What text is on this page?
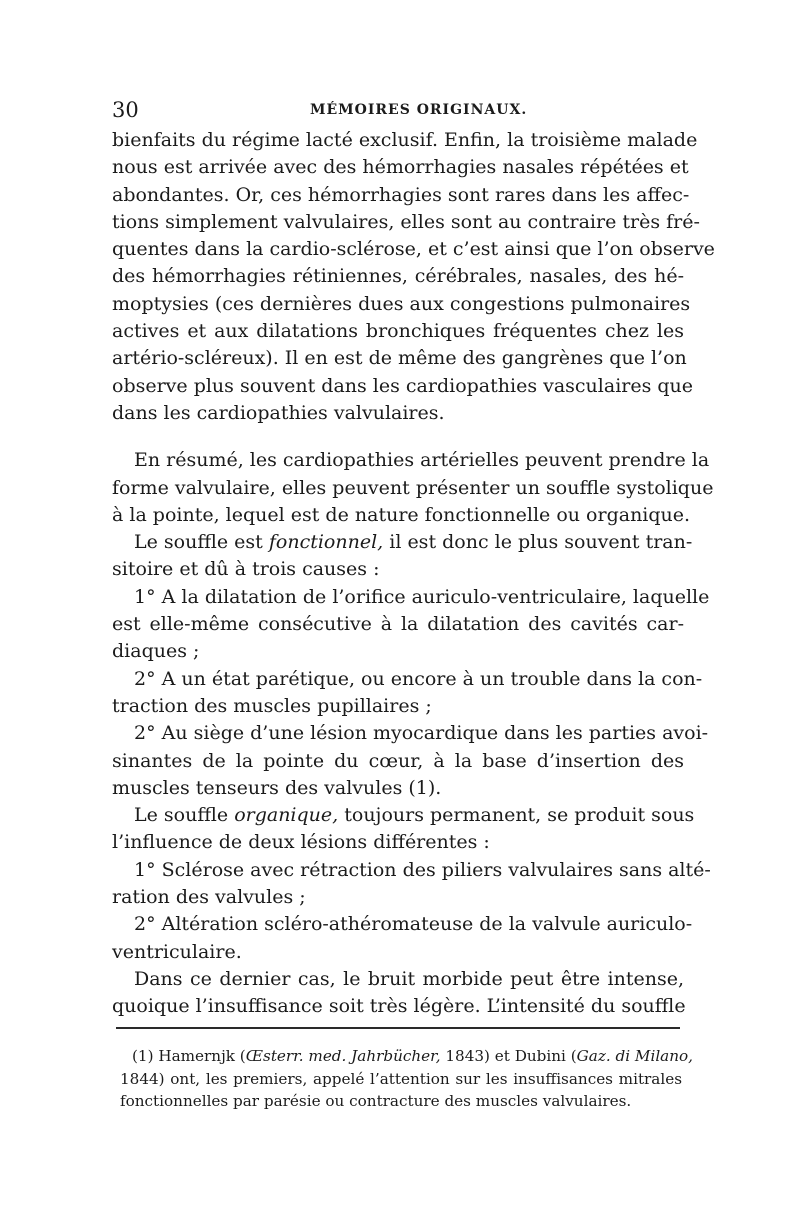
30	MÉMOIRES ORIGINAUX.
bienfaits du régime lacté exclusif. Enfin, la troisième malade
nous est arrivée avec des hémorrhagies nasales répétées et
abondantes. Or, ces hémorrhagies sont rares dans les affec-
tions simplement valvulaires, elles sont au contraire très fré-
quentes dans la cardio-sclérose, et c’est ainsi que l’on observe
des hémorrhagies rétiniennes, cérébrales, nasales, des hé-
moptysies (ces dernières dues aux congestions pulmonaires
actives et aux dilatations bronchiques fréquentes chez les
artério-scléreux). Il en est de même des gangrènes que l’on
observe plus souvent dans les cardiopathies vasculaires que
dans les cardiopathies valvulaires.
En résumé, les cardiopathies artérielles peuvent prendre la
forme valvulaire, elles peuvent présenter un souffle systolique
à la pointe, lequel est de nature fonctionnelle ou organique.
Le souffle est fonctionnel, il est donc le plus souvent tran-
sitoire et dû à trois causes :
1° A la dilatation de l’orifice auriculo-ventriculaire, laquelle
est elle-même consécutive à la dilatation des cavités car-
diaques ;
2° A un état parétique, ou encore à un trouble dans la con-
traction des muscles pupillaires ;
2° Au siège d’une lésion myocardique dans les parties avoi-
sinantes de la pointe du cœur, à la base d’insertion des
muscles tenseurs des valvules (1).
Le souffle organique, toujours permanent, se produit sous
l’influence de deux lésions différentes :
1° Sclérose avec rétraction des piliers valvulaires sans alté-
ration des valvules ;
2° Altération scléro-athéromateuse de la valvule auriculo-
ventriculaire.
Dans ce dernier cas, le bruit morbide peut être intense,
quoique l’insuffisance soit très légère. L’intensité du souffle
(1) Hamernjk (Œsterr. med. Jahrbücher, 1843) et Dubini (Gaz. di Milano,
1844) ont, les premiers, appelé l’attention sur les insuffisances mitrales
fonctionnelles par parésie ou contracture des muscles valvulaires.
